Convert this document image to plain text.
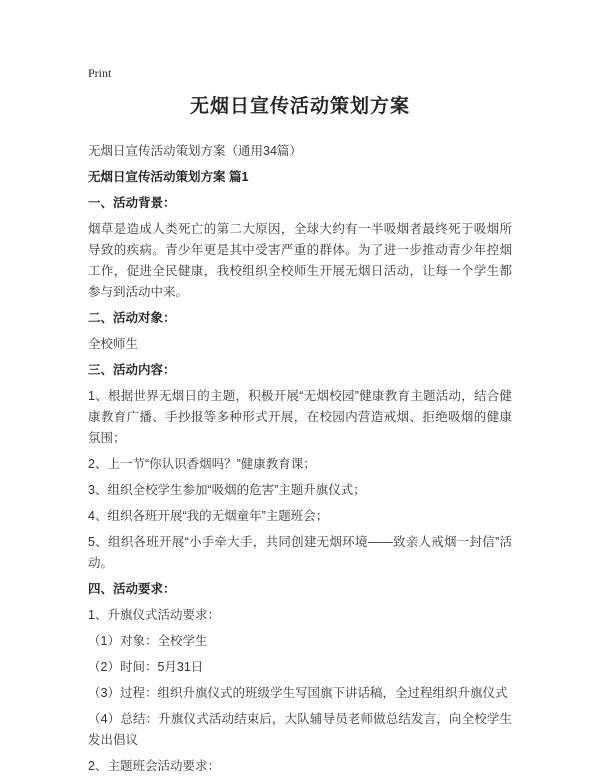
Print
无烟日宣传活动策划方案

无烟日宣传活动策划方案（通用34篇）

无烟日宣传活动策划方案 篇1

一、活动背景：

烟草是造成人类死亡的第二大原因，全球大约有一半吸烟者最终死于吸烟所导致的疾病。青少年更是其中受害严重的群体。为了进一步推动青少年控烟工作，促进全民健康，我校组织全校师生开展无烟日活动，让每一个学生都参与到活动中来。

二、活动对象：

全校师生

三、活动内容：

1、根据世界无烟日的主题，积极开展“无烟校园”健康教育主题活动，结合健康教育广播、手抄报等多种形式开展，在校园内营造戒烟、拒绝吸烟的健康氛围；

2、上一节“你认识香烟吗？”健康教育课；

3、组织全校学生参加“吸烟的危害”主题升旗仪式；

4、组织各班开展“我的无烟童年”主题班会；

5、组织各班开展“小手牵大手，共同创建无烟环境——致亲人戒烟一封信”活动。

四、活动要求：

1、升旗仪式活动要求：

（1）对象：全校学生

（2）时间：5月31日

（3）过程：组织升旗仪式的班级学生写国旗下讲话稿，全过程组织升旗仪式

（4）总结：升旗仪式活动结束后，大队辅导员老师做总结发言，向全校学生发出倡议

2、主题班会活动要求：
